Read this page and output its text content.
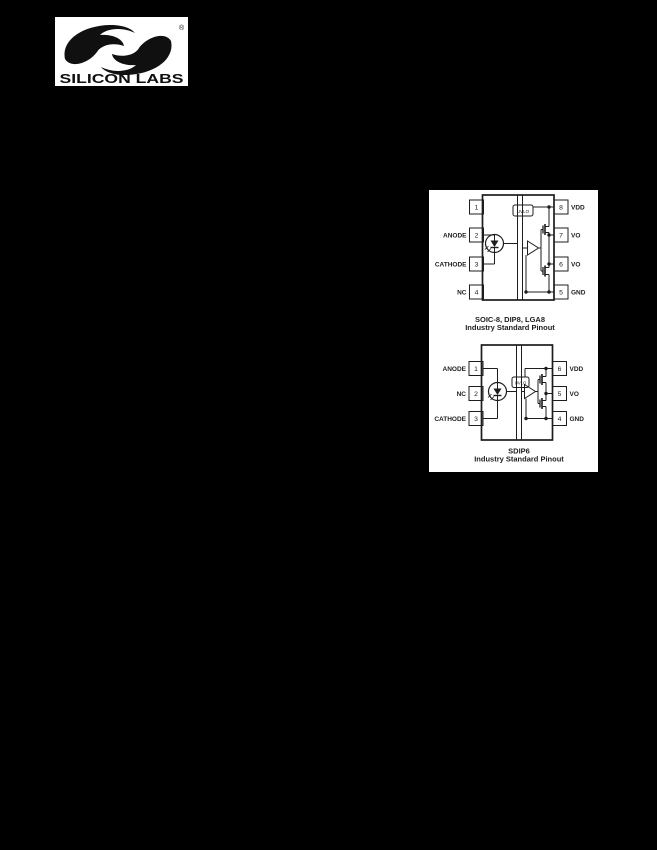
®
SILICON LABS
UVLO
1
2
3
4
8
7
6
5
ANODE
CATHODE
NC
VDD
VO
VO
GND
SOIC-8, DIP8, LGA8
Industry Standard Pinout
UVLO
1
2
3
6
5
4
ANODE
NC
CATHODE
VDD
VO
GND
SDIP6
Industry Standard Pinout
